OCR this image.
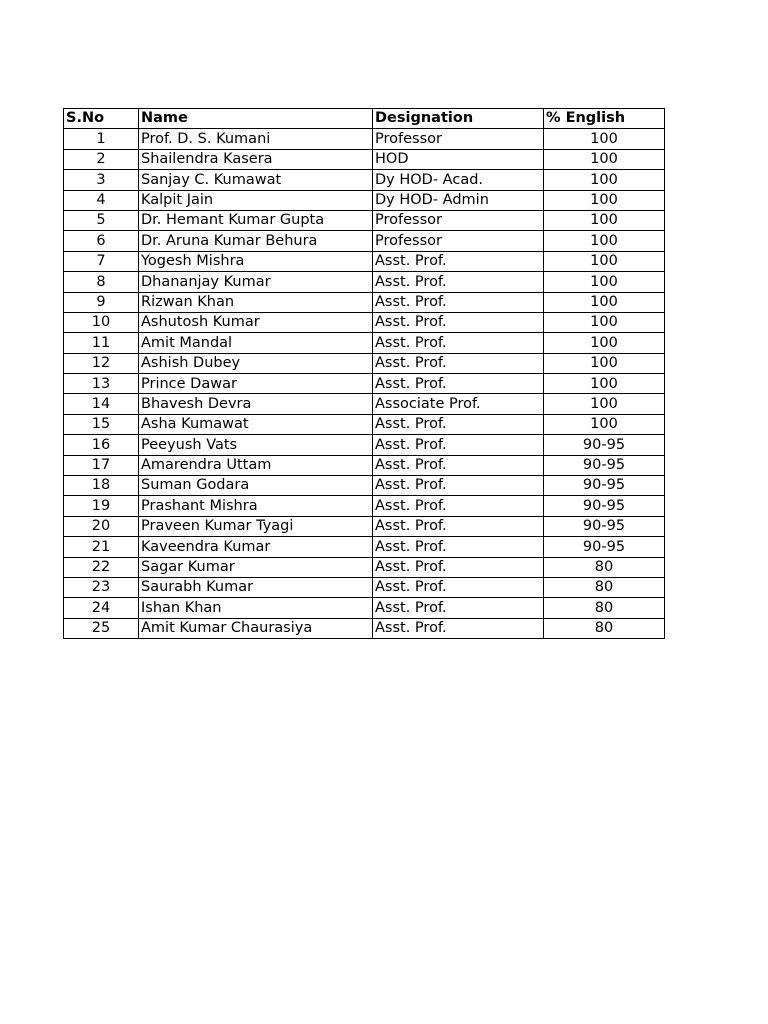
S.No	Name	Designation	% English
1	Prof. D. S. Kumani	Professor	100
2	Shailendra Kasera	HOD	100
3	Sanjay C. Kumawat	Dy HOD- Acad.	100
4	Kalpit Jain	Dy HOD- Admin	100
5	Dr. Hemant Kumar Gupta	Professor	100
6	Dr. Aruna Kumar Behura	Professor	100
7	Yogesh Mishra	Asst. Prof.	100
8	Dhananjay Kumar	Asst. Prof.	100
9	Rizwan Khan	Asst. Prof.	100
10	Ashutosh Kumar	Asst. Prof.	100
11	Amit Mandal	Asst. Prof.	100
12	Ashish Dubey	Asst. Prof.	100
13	Prince Dawar	Asst. Prof.	100
14	Bhavesh Devra	Associate Prof.	100
15	Asha Kumawat	Asst. Prof.	100
16	Peeyush Vats	Asst. Prof.	90-95
17	Amarendra Uttam	Asst. Prof.	90-95
18	Suman Godara	Asst. Prof.	90-95
19	Prashant Mishra	Asst. Prof.	90-95
20	Praveen Kumar Tyagi	Asst. Prof.	90-95
21	Kaveendra Kumar	Asst. Prof.	90-95
22	Sagar Kumar	Asst. Prof.	80
23	Saurabh Kumar	Asst. Prof.	80
24	Ishan Khan	Asst. Prof.	80
25	Amit Kumar Chaurasiya	Asst. Prof.	80
